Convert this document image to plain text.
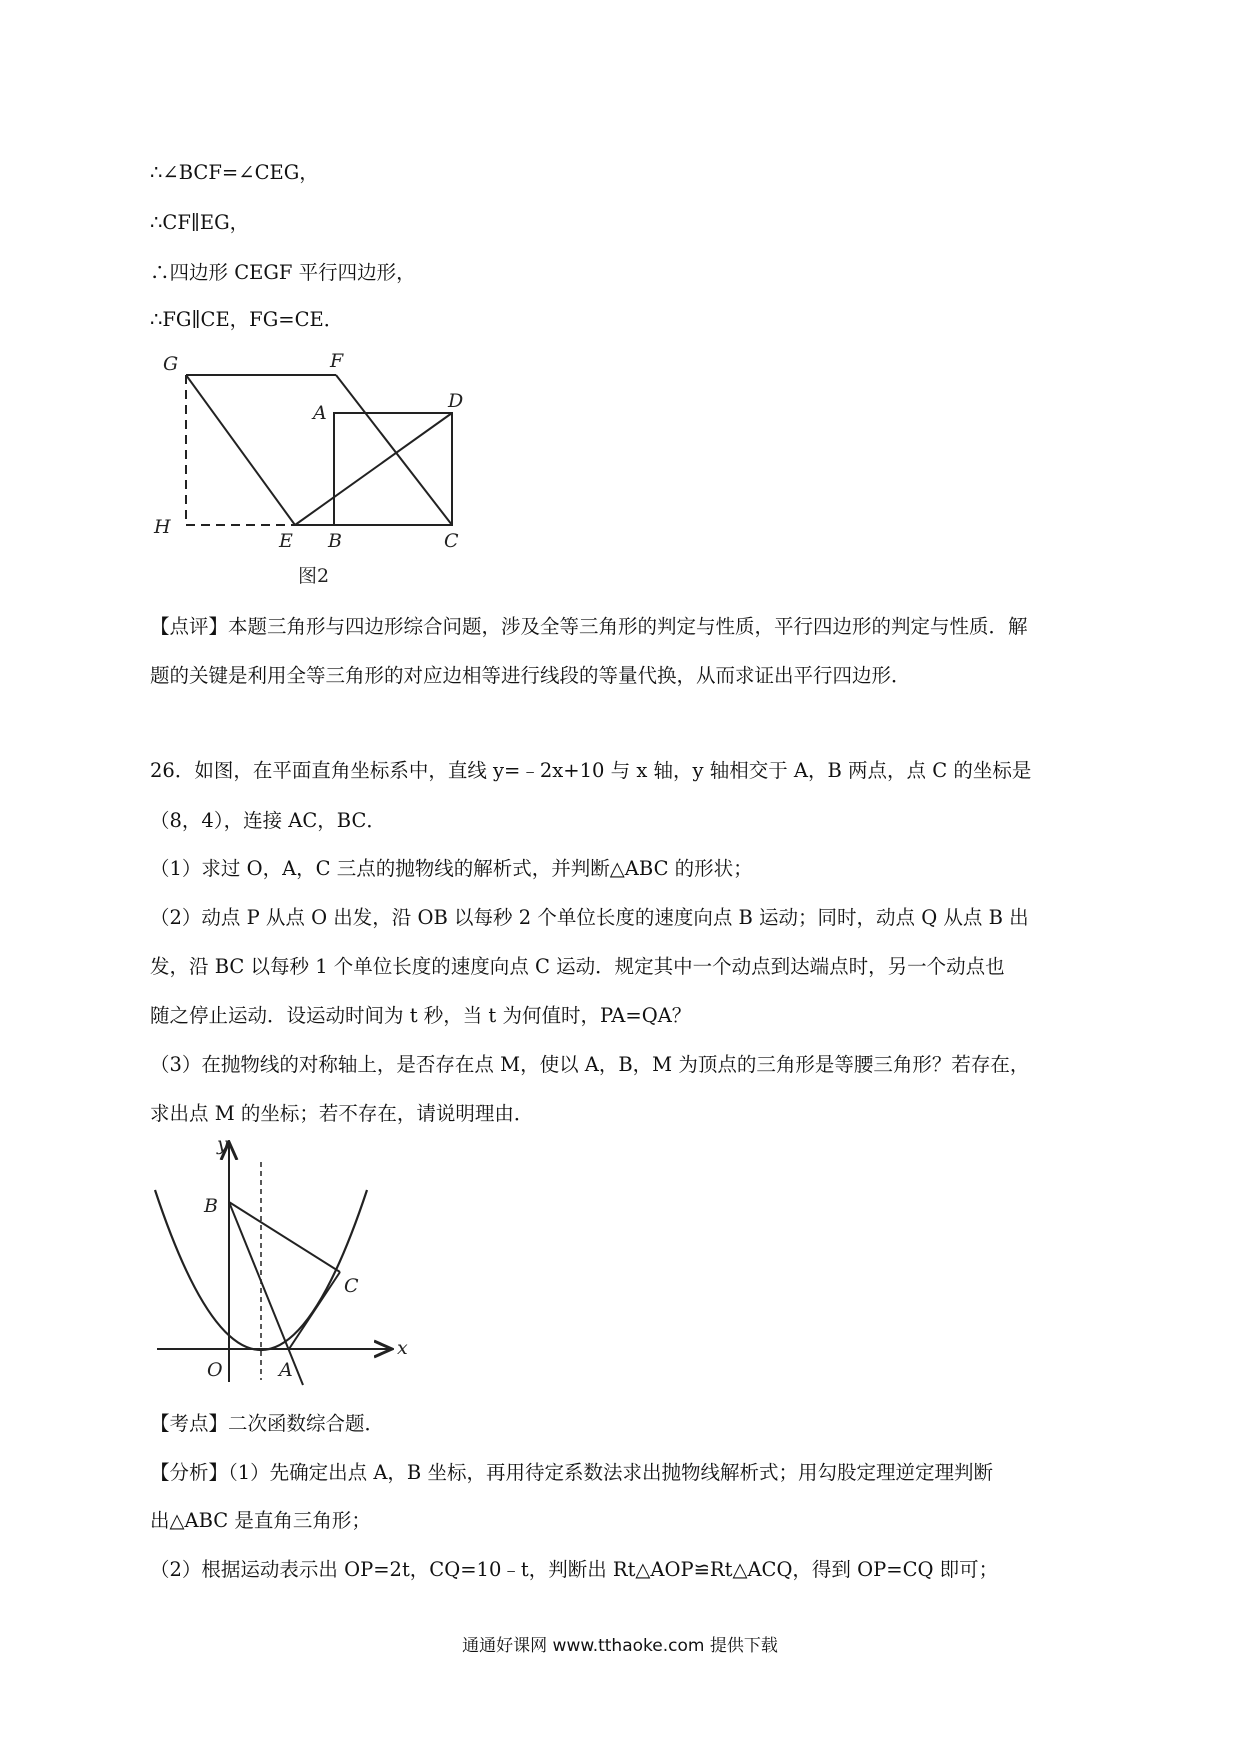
∴∠BCF=∠CEG，

∴CF∥EG，

∴四边形 CEGF 平行四边形，

∴FG∥CE，FG=CE．

G	F
A
D
H
E B	C
图2

【点评】本题三角形与四边形综合问题，涉及全等三角形的判定与性质，平行四边形的判定与性质．解

题的关键是利用全等三角形的对应边相等进行线段的等量代换，从而求证出平行四边形．

26．如图，在平面直角坐标系中，直线 y=﹣2x+10 与 x 轴，y 轴相交于 A，B 两点，点 C 的坐标是

（8，4），连接 AC，BC．

（1）求过 O，A，C 三点的抛物线的解析式，并判断△ABC 的形状；

（2）动点 P 从点 O 出发，沿 OB 以每秒 2 个单位长度的速度向点 B 运动；同时，动点 Q 从点 B 出

发，沿 BC 以每秒 1 个单位长度的速度向点 C 运动．规定其中一个动点到达端点时，另一个动点也

随之停止运动．设运动时间为 t 秒，当 t 为何值时，PA=QA？

（3）在抛物线的对称轴上，是否存在点 M，使以 A，B，M 为顶点的三角形是等腰三角形？若存在，

求出点 M 的坐标；若不存在，请说明理由．

y
x
B
C
O	A

【考点】二次函数综合题．

【分析】（1）先确定出点 A，B 坐标，再用待定系数法求出抛物线解析式；用勾股定理逆定理判断

出△ABC 是直角三角形；

（2）根据运动表示出 OP=2t，CQ=10﹣t，判断出 Rt△AOP≌Rt△ACQ，得到 OP=CQ 即可；

通通好课网 www.tthaoke.com 提供下载
